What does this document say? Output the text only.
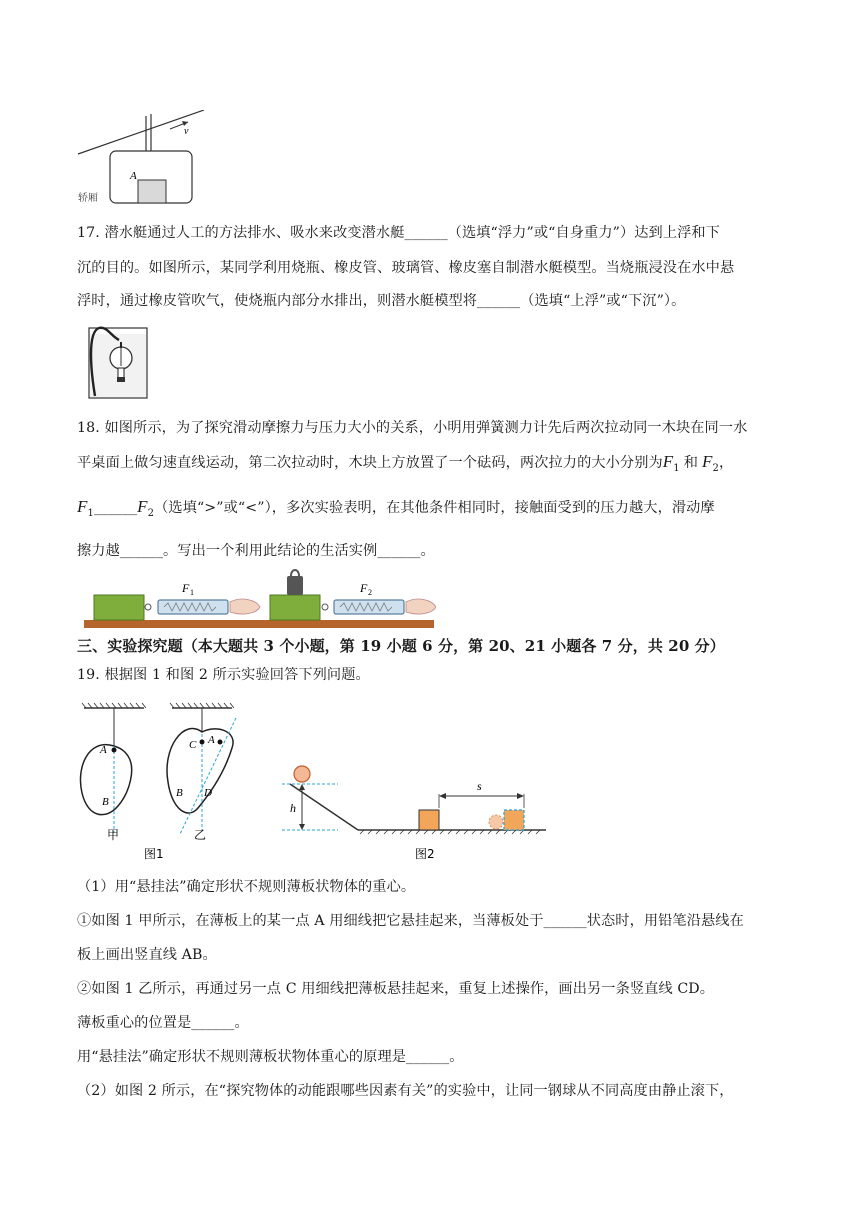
v
A
轿厢
17. 潜水艇通过人工的方法排水、吸水来改变潜水艇______（选填“浮力”或“自身重力”）达到上浮和下
沉的目的。如图所示，某同学利用烧瓶、橡皮管、玻璃管、橡皮塞自制潜水艇模型。当烧瓶浸没在水中悬
浮时，通过橡皮管吹气，使烧瓶内部分水排出，则潜水艇模型将______（选填“上浮”或“下沉”）。
18. 如图所示，为了探究滑动摩擦力与压力大小的关系，小明用弹簧测力计先后两次拉动同一木块在同一水
平桌面上做匀速直线运动，第二次拉动时，木块上方放置了一个砝码，两次拉力的大小分别为$F_1$ 和 $F_2$，
$F_1\_\_\_\_\_\_F_2$（选填“>”或“<”），多次实验表明，在其他条件相同时，接触面受到的压力越大，滑动摩
擦力越______。写出一个利用此结论的生活实例______。
F 1	F 2
三、实验探究题（本大题共 3 个小题，第 19 小题 6 分，第 20、21 小题各 7 分，共 20 分）
19. 根据图 1 和图 2 所示实验回答下列问题。
A
B
甲
C A
B D
乙
图1
h
s
图2
（1）用“悬挂法”确定形状不规则薄板状物体的重心。
①如图 1 甲所示，在薄板上的某一点 A 用细线把它悬挂起来，当薄板处于______状态时，用铅笔沿悬线在
板上画出竖直线 AB。
②如图 1 乙所示，再通过另一点 C 用细线把薄板悬挂起来，重复上述操作，画出另一条竖直线 CD。
薄板重心的位置是______。
用“悬挂法”确定形状不规则薄板状物体重心的原理是______。
（2）如图 2 所示，在“探究物体的动能跟哪些因素有关”的实验中，让同一钢球从不同高度由静止滚下，
